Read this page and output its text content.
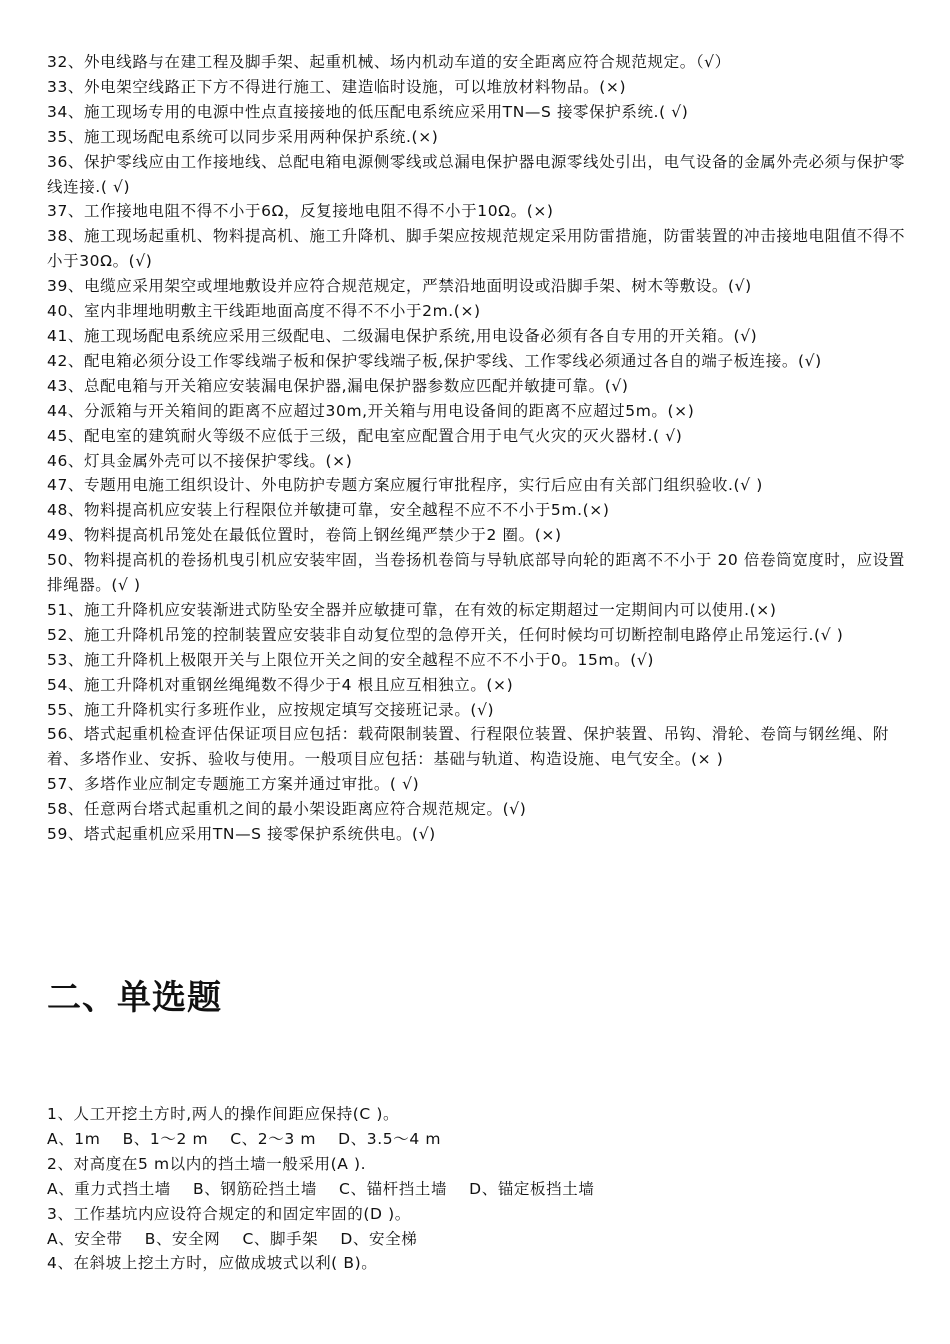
32、外电线路与在建工程及脚手架、起重机械、场内机动车道的安全距离应符合规范规定。（√）

33、外电架空线路正下方不得进行施工、建造临时设施，可以堆放材料物品。(×)

34、施工现场专用的电源中性点直接接地的低压配电系统应采用TN—S 接零保护系统.( √)

35、施工现场配电系统可以同步采用两种保护系统.(×)

36、保护零线应由工作接地线、总配电箱电源侧零线或总漏电保护器电源零线处引出，电气设备的金属外壳必须与保护零线连接.( √)

37、工作接地电阻不得不小于6Ω，反复接地电阻不得不小于10Ω。(×)

38、施工现场起重机、物料提高机、施工升降机、脚手架应按规范规定采用防雷措施，防雷装置的冲击接地电阻值不得不小于30Ω。(√)

39、电缆应采用架空或埋地敷设并应符合规范规定，严禁沿地面明设或沿脚手架、树木等敷设。(√)

40、室内非埋地明敷主干线距地面高度不得不不小于2m.(×)

41、施工现场配电系统应采用三级配电、二级漏电保护系统,用电设备必须有各自专用的开关箱。(√)

42、配电箱必须分设工作零线端子板和保护零线端子板,保护零线、工作零线必须通过各自的端子板连接。(√)

43、总配电箱与开关箱应安装漏电保护器,漏电保护器参数应匹配并敏捷可靠。(√)

44、分派箱与开关箱间的距离不应超过30m,开关箱与用电设备间的距离不应超过5m。(×)

45、配电室的建筑耐火等级不应低于三级，配电室应配置合用于电气火灾的灭火器材.( √)

46、灯具金属外壳可以不接保护零线。(×)

47、专题用电施工组织设计、外电防护专题方案应履行审批程序，实行后应由有关部门组织验收.(√ )

48、物料提高机应安装上行程限位并敏捷可靠，安全越程不应不不小于5m.(×)

49、物料提高机吊笼处在最低位置时，卷筒上钢丝绳严禁少于2 圈。(×)

50、物料提高机的卷扬机曳引机应安装牢固，当卷扬机卷筒与导轨底部导向轮的距离不不小于 20 倍卷筒宽度时，应设置排绳器。(√ )

51、施工升降机应安装渐进式防坠安全器并应敏捷可靠，在有效的标定期超过一定期间内可以使用.(×)

52、施工升降机吊笼的控制装置应安装非自动复位型的急停开关，任何时候均可切断控制电路停止吊笼运行.(√ )

53、施工升降机上极限开关与上限位开关之间的安全越程不应不不小于0。15m。(√)

54、施工升降机对重钢丝绳绳数不得少于4 根且应互相独立。(×)

55、施工升降机实行多班作业，应按规定填写交接班记录。(√)

56、塔式起重机检查评估保证项目应包括：载荷限制装置、行程限位装置、保护装置、吊钩、滑轮、卷筒与钢丝绳、附着、多塔作业、安拆、验收与使用。一般项目应包括：基础与轨道、构造设施、电气安全。(× )

57、多塔作业应制定专题施工方案并通过审批。( √)

58、任意两台塔式起重机之间的最小架设距离应符合规范规定。(√)

59、塔式起重机应采用TN—S 接零保护系统供电。(√)

二、单选题

1、人工开挖土方时,两人的操作间距应保持(C )。

A、1m    B、1～2 m    C、2～3 m    D、3.5～4 m

2、对高度在5 m以内的挡土墙一般采用(A ).

A、重力式挡土墙    B、钢筋砼挡土墙    C、锚杆挡土墙    D、锚定板挡土墙

3、工作基坑内应设符合规定的和固定牢固的(D )。

A、安全带    B、安全网    C、脚手架    D、安全梯

4、在斜坡上挖土方时，应做成坡式以利( B)。
